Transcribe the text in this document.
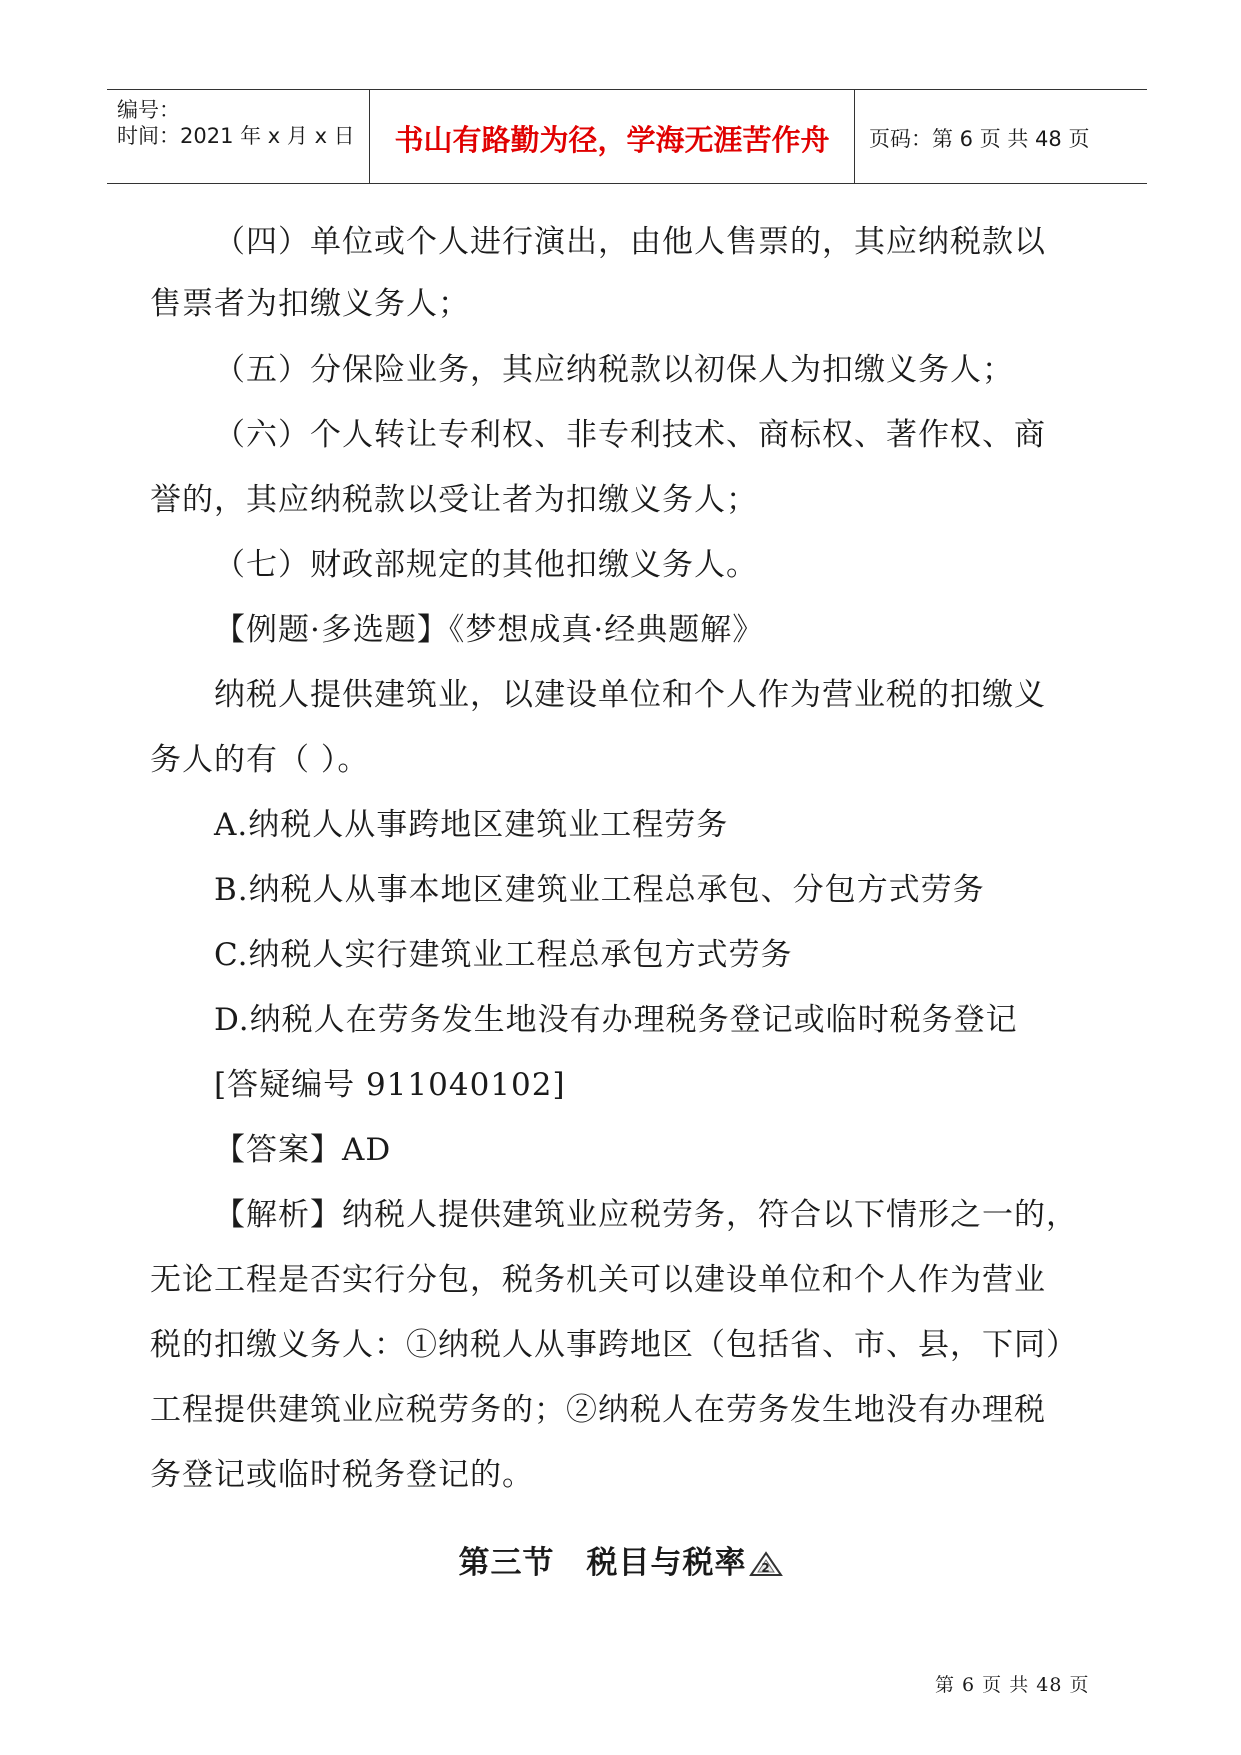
编号：
时间：2021 年 x 月 x 日	书山有路勤为径，学海无涯苦作舟	页码：第 6 页 共 48 页
（四）单位或个人进行演出，由他人售票的，其应纳税款以
售票者为扣缴义务人；
（五）分保险业务，其应纳税款以初保人为扣缴义务人；
（六）个人转让专利权、非专利技术、商标权、著作权、商
誉的，其应纳税款以受让者为扣缴义务人；
（七）财政部规定的其他扣缴义务人。
【例题·多选题】《梦想成真·经典题解》
纳税人提供建筑业，以建设单位和个人作为营业税的扣缴义
务人的有（ ）。
A.纳税人从事跨地区建筑业工程劳务
B.纳税人从事本地区建筑业工程总承包、分包方式劳务
C.纳税人实行建筑业工程总承包方式劳务
D.纳税人在劳务发生地没有办理税务登记或临时税务登记
[答疑编号 911040102]
【答案】AD
【解析】纳税人提供建筑业应税劳务，符合以下情形之一的，
无论工程是否实行分包，税务机关可以建设单位和个人作为营业
税的扣缴义务人：①纳税人从事跨地区（包括省、市、县，下同）
工程提供建筑业应税劳务的；②纳税人在劳务发生地没有办理税
务登记或临时税务登记的。
第三节 税目与税率 2
第 6 页 共 48 页
